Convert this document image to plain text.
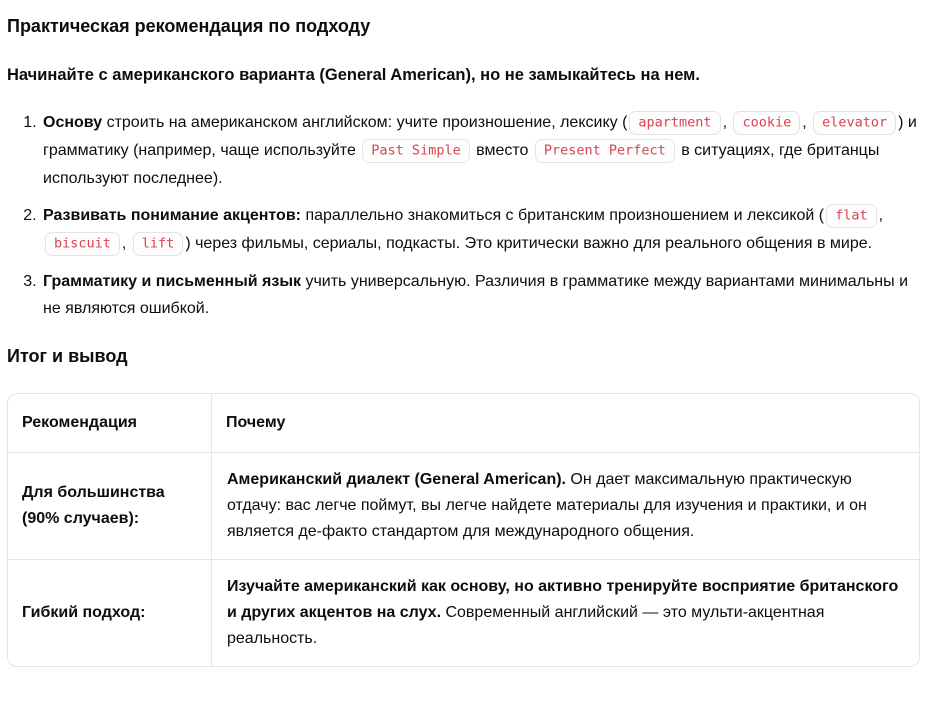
Практическая рекомендация по подходу

Начинайте с американского варианта (General American), но не замыкайтесь на нем.

1. Основу строить на американском английском: учите произношение, лексику ( apartment , cookie , elevator ) и грамматику (например, чаще используйте Past Simple вместо Present Perfect в ситуациях, где британцы используют последнее).
2. Развивать понимание акцентов: параллельно знакомиться с британским произношением и лексикой ( flat , biscuit , lift ) через фильмы, сериалы, подкасты. Это критически важно для реального общения в мире.
3. Грамматику и письменный язык учить универсальную. Различия в грамматике между вариантами минимальны и не являются ошибкой.
Итог и вывод
Рекомендация	Почему
Для большинства (90% случаев):	Американский диалект (General American). Он дает максимальную практическую отдачу: вас легче поймут, вы легче найдете материалы для изучения и практики, и он является де-факто стандартом для международного общения.
Гибкий подход:	Изучайте американский как основу, но активно тренируйте восприятие британского и других акцентов на слух. Современный английский — это мульти-акцентная реальность.
